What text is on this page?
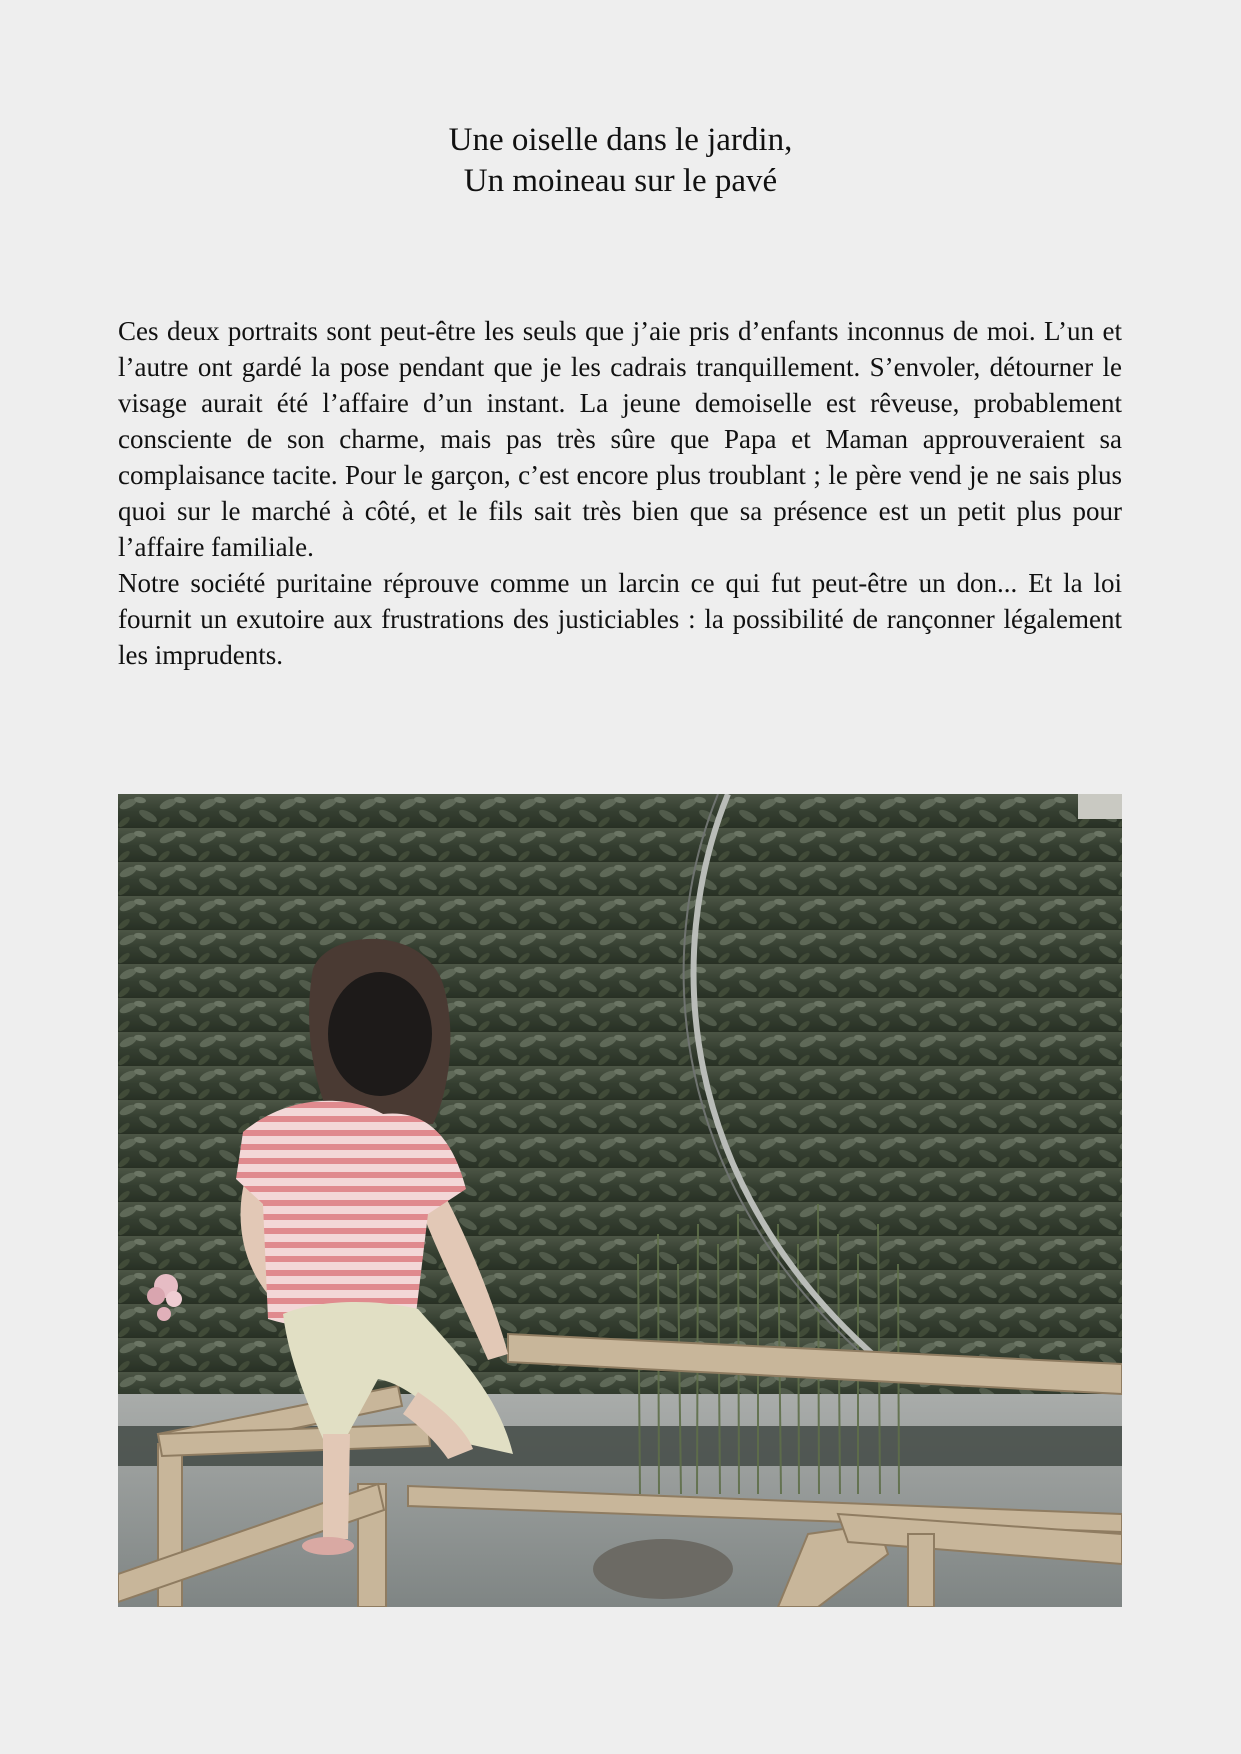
Une oiselle dans le jardin,
Un moineau sur le pavé

Ces deux portraits sont peut-être les seuls que j’aie pris d’enfants inconnus de moi. L’un et l’autre ont gardé la pose pendant que je les cadrais tranquillement. S’envoler, détourner le visage aurait été l’affaire d’un instant. La jeune demoiselle est rêveuse, probablement consciente de son charme, mais pas très sûre que Papa et Maman approuveraient sa complaisance tacite. Pour le garçon, c’est encore plus troublant ; le père vend je ne sais plus quoi sur le marché à côté, et le fils sait très bien que sa présence est un petit plus pour l’affaire familiale.

Notre société puritaine réprouve comme un larcin ce qui fut peut-être un don... Et la loi fournit un exutoire aux frustrations des justiciables : la possibilité de rançonner légalement les imprudents.
